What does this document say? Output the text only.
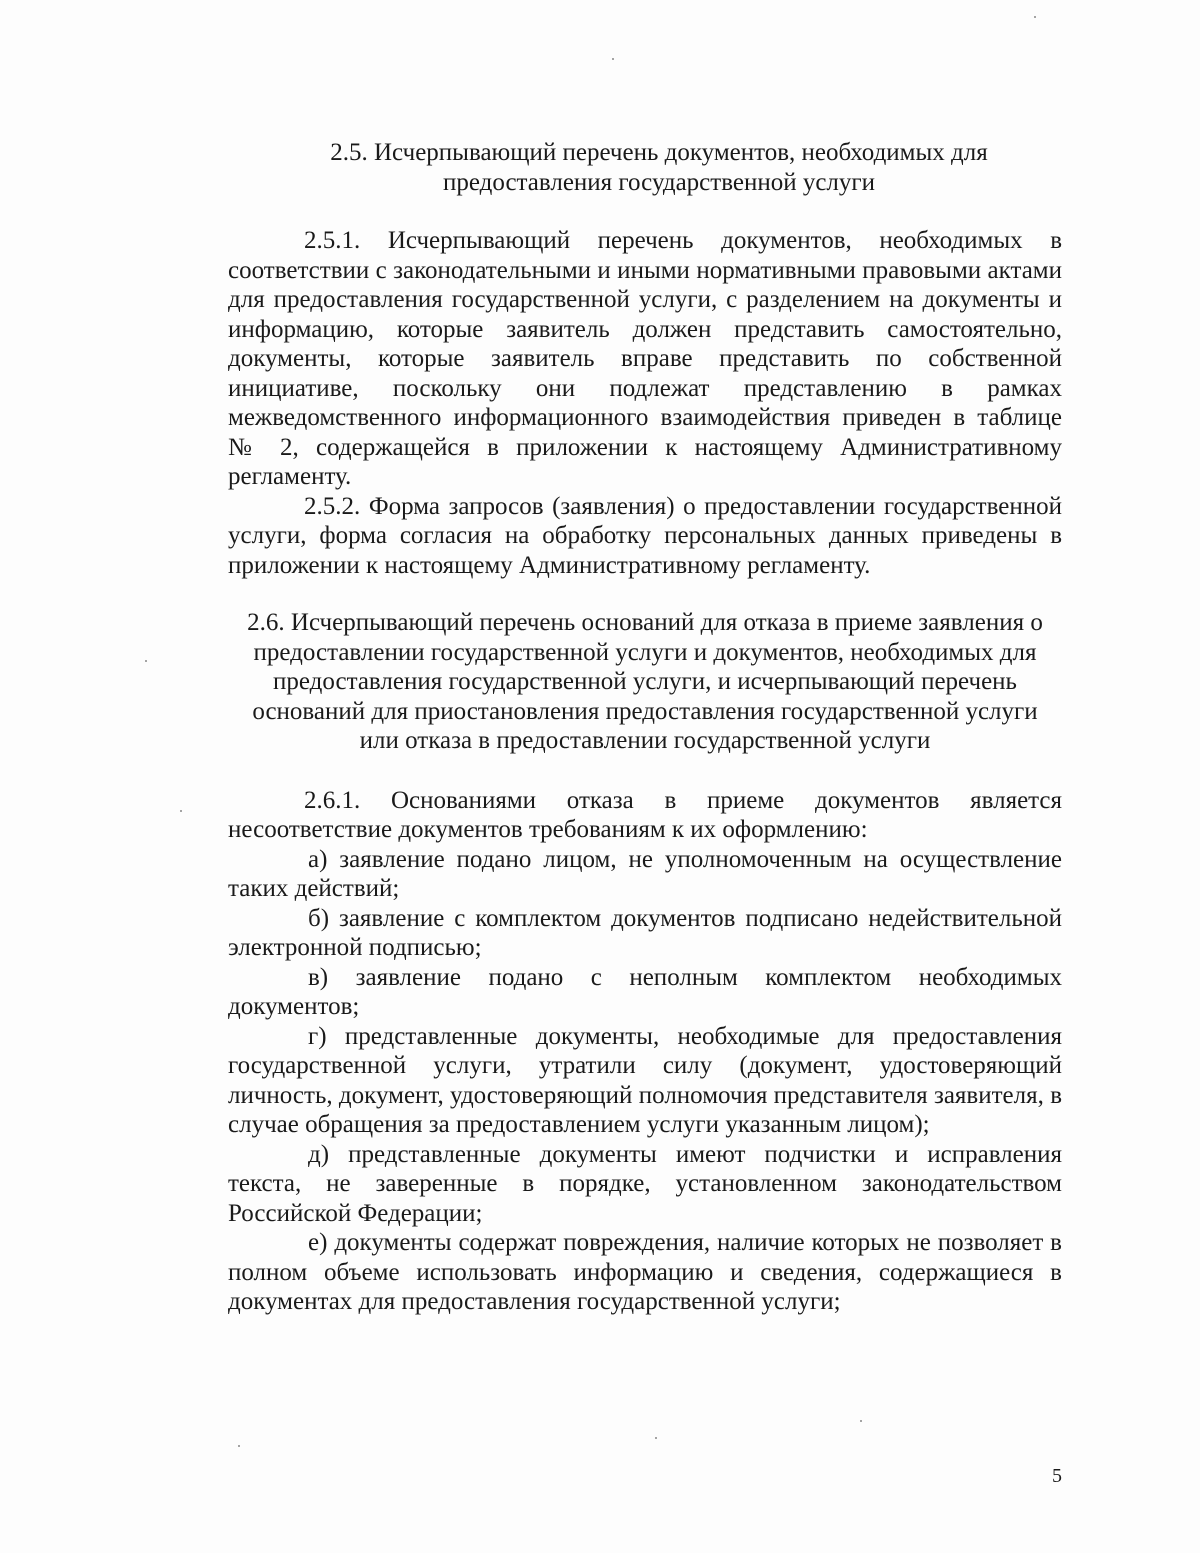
2.5. Исчерпывающий перечень документов, необходимых для
предоставления государственной услуги

2.5.1. Исчерпывающий перечень документов, необходимых в соответствии с законодательными и иными нормативными правовыми актами для предоставления государственной услуги, с разделением на документы и информацию, которые заявитель должен представить самостоятельно, документы, которые заявитель вправе представить по собственной инициативе, поскольку они подлежат представлению в рамках межведомственного информационного взаимодействия приведен в таблице № 2, содержащейся в приложении к настоящему Административному регламенту.

2.5.2. Форма запросов (заявления) о предоставлении государственной услуги, форма согласия на обработку персональных данных приведены в приложении к настоящему Административному регламенту.

2.6. Исчерпывающий перечень оснований для отказа в приеме заявления о
предоставлении государственной услуги и документов, необходимых для
предоставления государственной услуги, и исчерпывающий перечень
оснований для приостановления предоставления государственной услуги
или отказа в предоставлении государственной услуги

2.6.1. Основаниями отказа в приеме документов является несоответствие документов требованиям к их оформлению:

а) заявление подано лицом, не уполномоченным на осуществление таких действий;

б) заявление с комплектом документов подписано недействительной электронной подписью;

в) заявление подано с неполным комплектом необходимых документов;

г) представленные документы, необходимые для предоставления государственной услуги, утратили силу (документ, удостоверяющий личность, документ, удостоверяющий полномочия представителя заявителя, в случае обращения за предоставлением услуги указанным лицом);

д) представленные документы имеют подчистки и исправления текста, не заверенные в порядке, установленном законодательством Российской Федерации;

е) документы содержат повреждения, наличие которых не позволяет в полном объеме использовать информацию и сведения, содержащиеся в документах для предоставления государственной услуги;

5
